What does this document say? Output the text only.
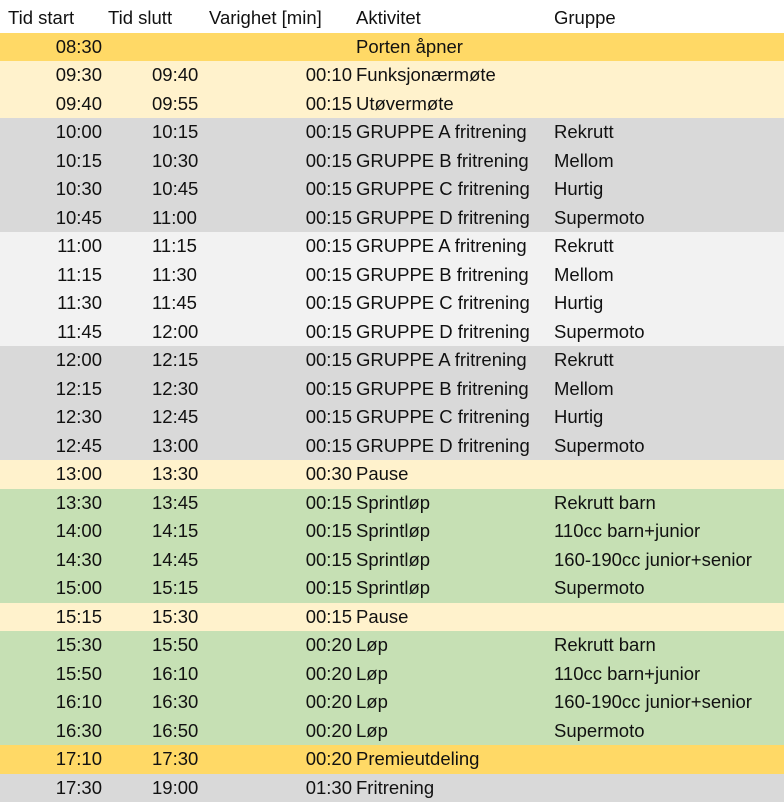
Tid start	Tid slutt	Varighet [min]	Aktivitet	Gruppe
08:30			Porten åpner	
09:30	09:40	00:10	Funksjonærmøte	
09:40	09:55	00:15	Utøvermøte	
10:00	10:15	00:15	GRUPPE A fritrening	Rekrutt
10:15	10:30	00:15	GRUPPE B fritrening	Mellom
10:30	10:45	00:15	GRUPPE C fritrening	Hurtig
10:45	11:00	00:15	GRUPPE D fritrening	Supermoto
11:00	11:15	00:15	GRUPPE A fritrening	Rekrutt
11:15	11:30	00:15	GRUPPE B fritrening	Mellom
11:30	11:45	00:15	GRUPPE C fritrening	Hurtig
11:45	12:00	00:15	GRUPPE D fritrening	Supermoto
12:00	12:15	00:15	GRUPPE A fritrening	Rekrutt
12:15	12:30	00:15	GRUPPE B fritrening	Mellom
12:30	12:45	00:15	GRUPPE C fritrening	Hurtig
12:45	13:00	00:15	GRUPPE D fritrening	Supermoto
13:00	13:30	00:30	Pause	
13:30	13:45	00:15	Sprintløp	Rekrutt barn
14:00	14:15	00:15	Sprintløp	110cc barn+junior
14:30	14:45	00:15	Sprintløp	160-190cc junior+senior
15:00	15:15	00:15	Sprintløp	Supermoto
15:15	15:30	00:15	Pause	
15:30	15:50	00:20	Løp	Rekrutt barn
15:50	16:10	00:20	Løp	110cc barn+junior
16:10	16:30	00:20	Løp	160-190cc junior+senior
16:30	16:50	00:20	Løp	Supermoto
17:10	17:30	00:20	Premieutdeling	
17:30	19:00	01:30	Fritrening	
